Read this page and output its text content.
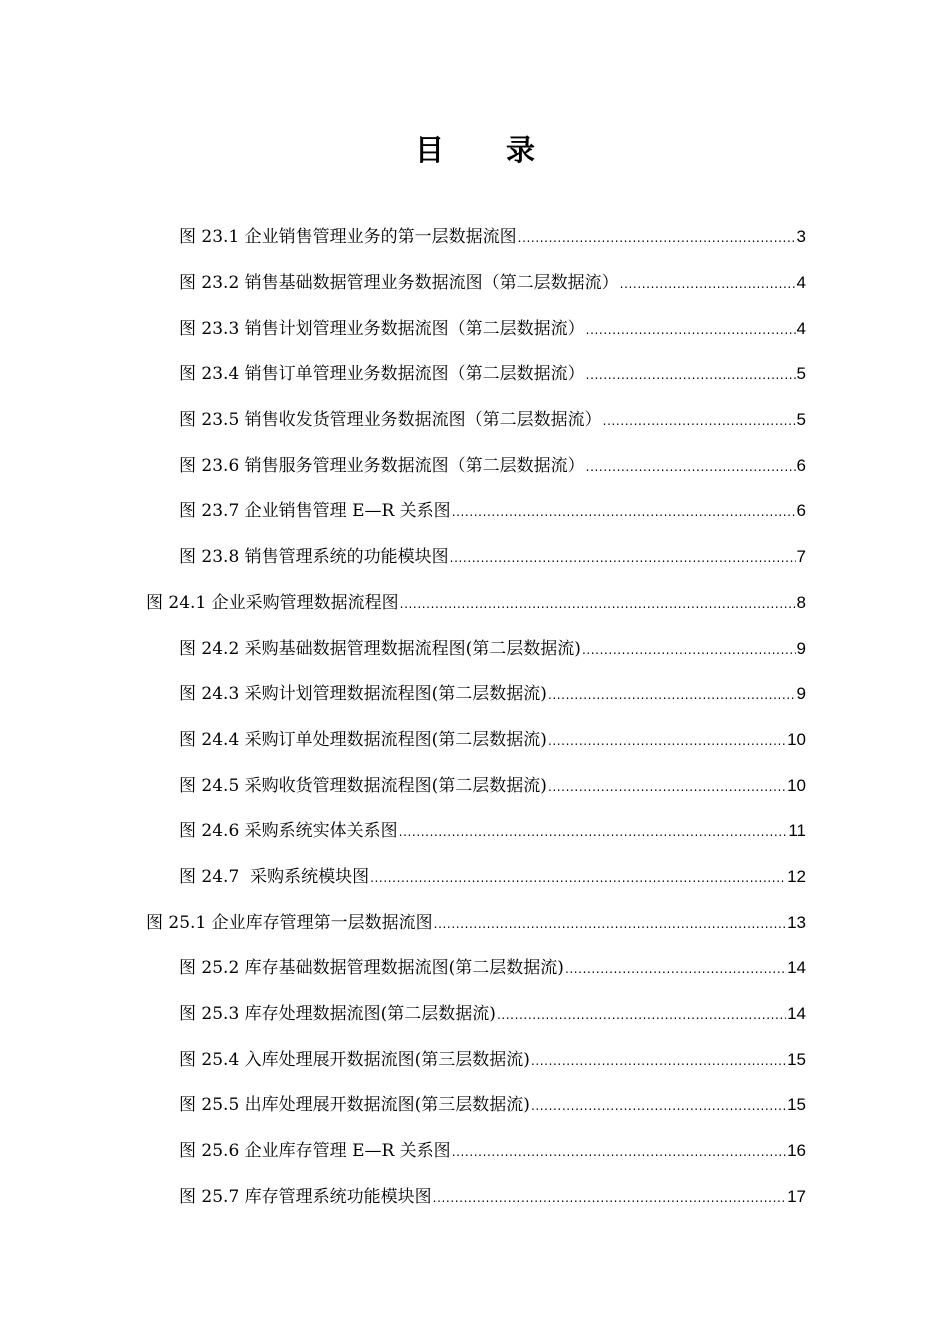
目 录
图 23.1 企业销售管理业务的第一层数据流图 .....	3
图 23.2 销售基础数据管理业务数据流图（第二层数据流） .....	4
图 23.3 销售计划管理业务数据流图（第二层数据流） .....	4
图 23.4 销售订单管理业务数据流图（第二层数据流） .....	5
图 23.5 销售收发货管理业务数据流图（第二层数据流） .....	5
图 23.6 销售服务管理业务数据流图（第二层数据流） .....	6
图 23.7 企业销售管理 E—R 关系图 .....	6
图 23.8 销售管理系统的功能模块图 .....	7
图 24.1 企业采购管理数据流程图 .....	8
图 24.2 采购基础数据管理数据流程图(第二层数据流) .....	9
图 24.3 采购计划管理数据流程图(第二层数据流) .....	9
图 24.4 采购订单处理数据流程图(第二层数据流) .....	10
图 24.5 采购收货管理数据流程图(第二层数据流) .....	10
图 24.6 采购系统实体关系图 .....	11
图 24.7  采购系统模块图 .....	12
图 25.1 企业库存管理第一层数据流图 .....	13
图 25.2 库存基础数据管理数据流图(第二层数据流) .....	14
图 25.3 库存处理数据流图(第二层数据流) .....	14
图 25.4 入库处理展开数据流图(第三层数据流) .....	15
图 25.5 出库处理展开数据流图(第三层数据流) .....	15
图 25.6 企业库存管理 E—R 关系图 .....	16
图 25.7 库存管理系统功能模块图 .....	17
